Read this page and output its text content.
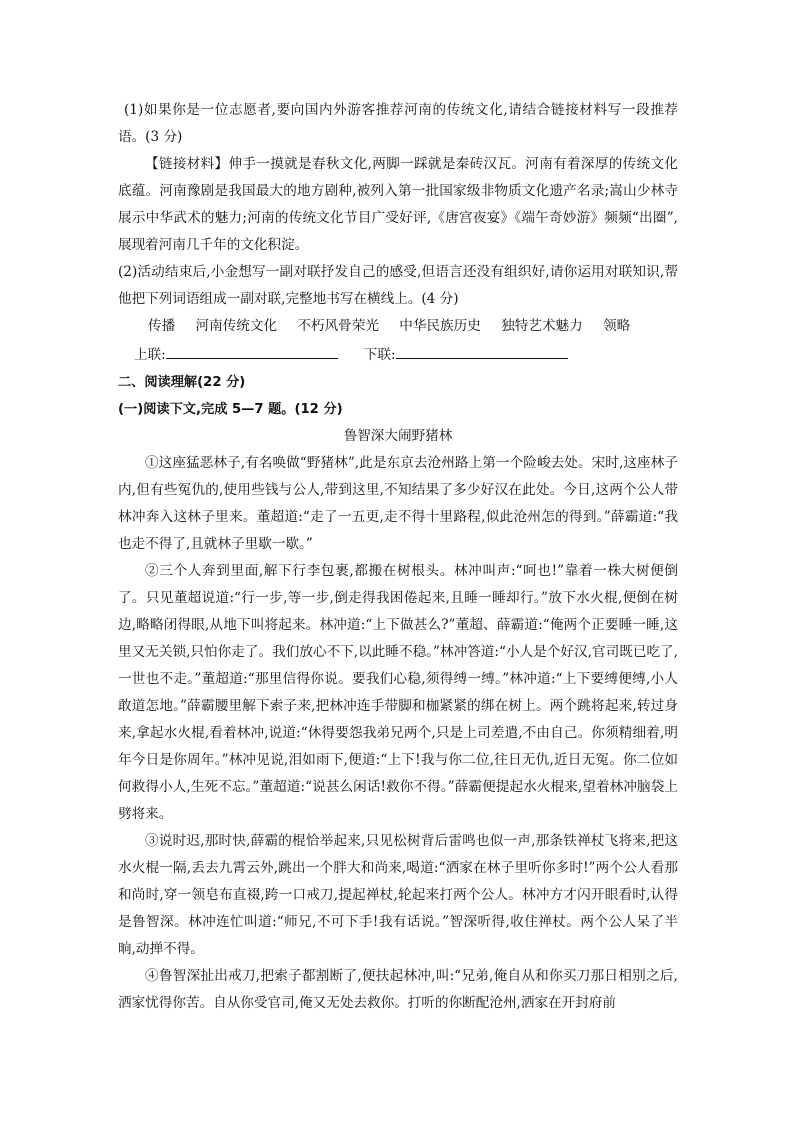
(1)如果你是一位志愿者,要向国内外游客推荐河南的传统文化,请结合链接材料写一段推荐语。(3 分)

【链接材料】伸手一摸就是春秋文化,两脚一踩就是秦砖汉瓦。河南有着深厚的传统文化底蕴。河南豫剧是我国最大的地方剧种,被列入第一批国家级非物质文化遗产名录;嵩山少林寺展示中华武术的魅力;河南的传统文化节目广受好评,《唐宫夜宴》《端午奇妙游》频频“出圈”,展现着河南几千年的文化积淀。

(2)活动结束后,小金想写一副对联抒发自己的感受,但语言还没有组织好,请你运用对联知识,帮他把下列词语组成一副对联,完整地书写在横线上。(4 分)

传播 河南传统文化 不朽风骨荣光 中华民族历史 独特艺术魅力 领略

上联:	下联:

二、阅读理解(22 分)

(一)阅读下文,完成 5—7 题。(12 分)

鲁智深大闹野猪林

①这座猛恶林子,有名唤做“野猪林”,此是东京去沧州路上第一个险峻去处。宋时,这座林子内,但有些冤仇的,使用些钱与公人,带到这里,不知结果了多少好汉在此处。今日,这两个公人带林冲奔入这林子里来。董超道:“走了一五更,走不得十里路程,似此沧州怎的得到。”薛霸道:“我也走不得了,且就林子里歇一歇。”

②三个人奔到里面,解下行李包裹,都搬在树根头。林冲叫声:“呵也!”靠着一株大树便倒了。只见董超说道:“行一步,等一步,倒走得我困倦起来,且睡一睡却行。”放下水火棍,便倒在树边,略略闭得眼,从地下叫将起来。林冲道:“上下做甚么?”董超、薛霸道:“俺两个正要睡一睡,这里又无关锁,只怕你走了。我们放心不下,以此睡不稳。”林冲答道:“小人是个好汉,官司既已吃了,一世也不走。”董超道:“那里信得你说。要我们心稳,须得缚一缚。”林冲道:“上下要缚便缚,小人敢道怎地。”薛霸腰里解下索子来,把林冲连手带脚和枷紧紧的绑在树上。两个跳将起来,转过身来,拿起水火棍,看着林冲,说道:“休得要怨我弟兄两个,只是上司差遣,不由自己。你须精细着,明年今日是你周年。”林冲见说,泪如雨下,便道:“上下!我与你二位,往日无仇,近日无冤。你二位如何救得小人,生死不忘。”董超道:“说甚么闲话!救你不得。”薛霸便提起水火棍来,望着林冲脑袋上劈将来。

③说时迟,那时快,薛霸的棍恰举起来,只见松树背后雷鸣也似一声,那条铁禅杖飞将来,把这水火棍一隔,丢去九霄云外,跳出一个胖大和尚来,喝道:“洒家在林子里听你多时!”两个公人看那和尚时,穿一领皂布直裰,跨一口戒刀,提起禅杖,轮起来打两个公人。林冲方才闪开眼看时,认得是鲁智深。林冲连忙叫道:“师兄,不可下手!我有话说。”智深听得,收住禅杖。两个公人呆了半晌,动掸不得。

④鲁智深扯出戒刀,把索子都割断了,便扶起林冲,叫:“兄弟,俺自从和你买刀那日相别之后,洒家忧得你苦。自从你受官司,俺又无处去救你。打听的你断配沧州,洒家在开封府前
